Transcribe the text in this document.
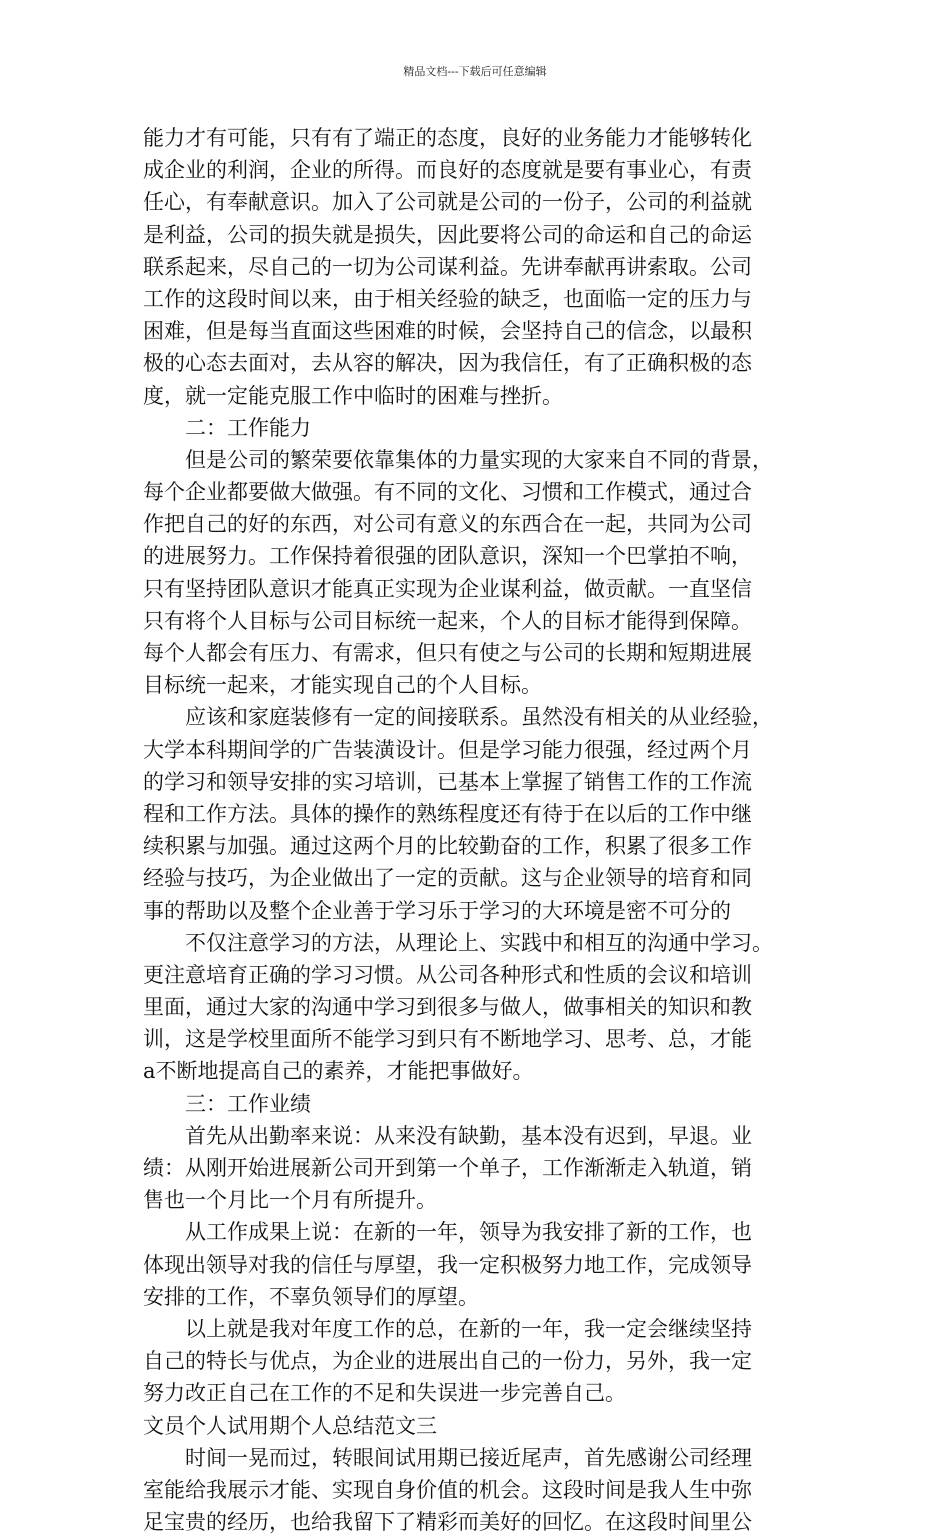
精品文档---下载后可任意编辑
能力才有可能，只有有了端正的态度，良好的业务能力才能够转化
成企业的利润，企业的所得。而良好的态度就是要有事业心，有责
任心，有奉献意识。加入了公司就是公司的一份子，公司的利益就
是利益，公司的损失就是损失，因此要将公司的命运和自己的命运
联系起来，尽自己的一切为公司谋利益。先讲奉献再讲索取。公司
工作的这段时间以来，由于相关经验的缺乏，也面临一定的压力与
困难，但是每当直面这些困难的时候，会坚持自己的信念，以最积
极的心态去面对，去从容的解决，因为我信任，有了正确积极的态
度，就一定能克服工作中临时的困难与挫折。
　　二：工作能力
　　但是公司的繁荣要依靠集体的力量实现的大家来自不同的背景，
每个企业都要做大做强。有不同的文化、习惯和工作模式，通过合
作把自己的好的东西，对公司有意义的东西合在一起，共同为公司
的进展努力。工作保持着很强的团队意识，深知一个巴掌拍不响，
只有坚持团队意识才能真正实现为企业谋利益，做贡献。一直坚信
只有将个人目标与公司目标统一起来，个人的目标才能得到保障。
每个人都会有压力、有需求，但只有使之与公司的长期和短期进展
目标统一起来，才能实现自己的个人目标。
　　应该和家庭装修有一定的间接联系。虽然没有相关的从业经验，
大学本科期间学的广告装潢设计。但是学习能力很强，经过两个月
的学习和领导安排的实习培训，已基本上掌握了销售工作的工作流
程和工作方法。具体的操作的熟练程度还有待于在以后的工作中继
续积累与加强。通过这两个月的比较勤奋的工作，积累了很多工作
经验与技巧，为企业做出了一定的贡献。这与企业领导的培育和同
事的帮助以及整个企业善于学习乐于学习的大环境是密不可分的
　　不仅注意学习的方法，从理论上、实践中和相互的沟通中学习。
更注意培育正确的学习习惯。从公司各种形式和性质的会议和培训
里面，通过大家的沟通中学习到很多与做人，做事相关的知识和教
训，这是学校里面所不能学习到只有不断地学习、思考、总，才能
a不断地提高自己的素养，才能把事做好。
　　三：工作业绩
　　首先从出勤率来说：从来没有缺勤，基本没有迟到，早退。业
绩：从刚开始进展新公司开到第一个单子，工作渐渐走入轨道，销
售也一个月比一个月有所提升。
　　从工作成果上说：在新的一年，领导为我安排了新的工作，也
体现出领导对我的信任与厚望，我一定积极努力地工作，完成领导
安排的工作，不辜负领导们的厚望。
　　以上就是我对年度工作的总，在新的一年，我一定会继续坚持
自己的特长与优点，为企业的进展出自己的一份力，另外，我一定
努力改正自己在工作的不足和失误进一步完善自己。
文员个人试用期个人总结范文三
　　时间一晃而过，转眼间试用期已接近尾声，首先感谢公司经理
室能给我展示才能、实现自身价值的机会。这段时间是我人生中弥
足宝贵的经历，也给我留下了精彩而美好的回忆。在这段时间里公
